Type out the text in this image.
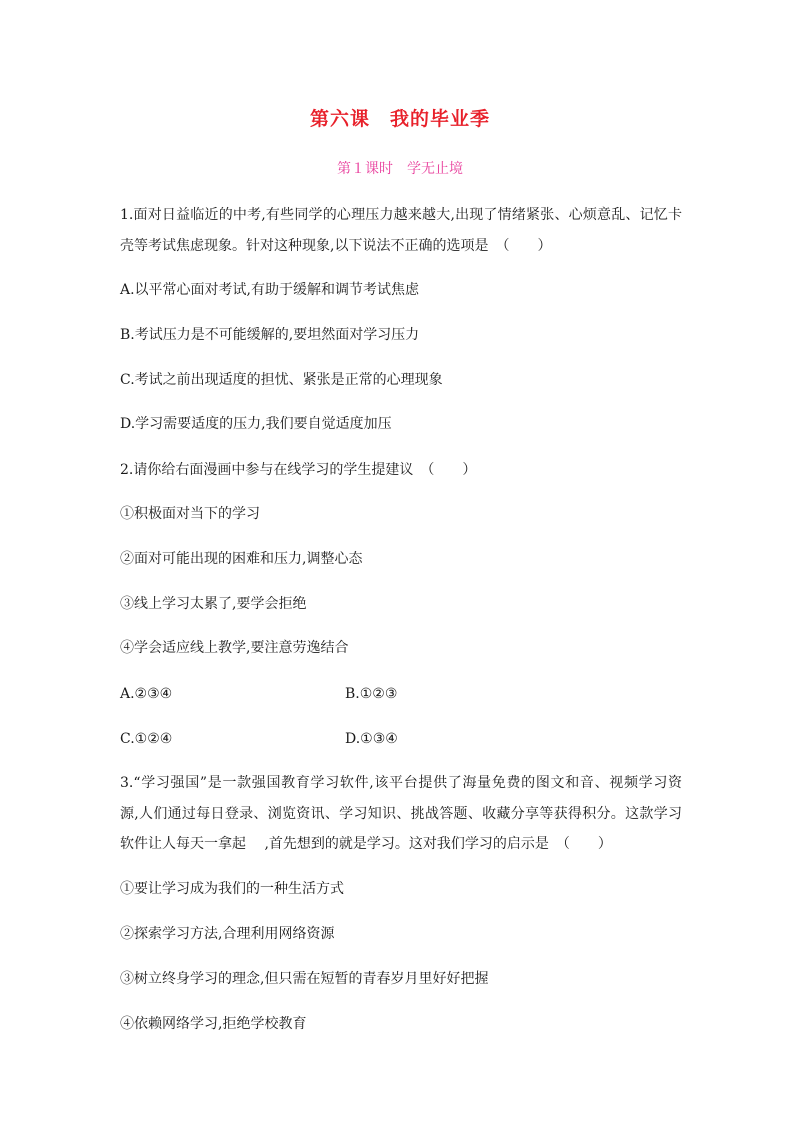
第六课　我的毕业季
第１课时　学无止境
1.面对日益临近的中考,有些同学的心理压力越来越大,出现了情绪紧张、心烦意乱、记忆卡
壳等考试焦虑现象。针对这种现象,以下说法不正确的选项是　（　　）
A.以平常心面对考试,有助于缓解和调节考试焦虑
B.考试压力是不可能缓解的,要坦然面对学习压力
C.考试之前出现适度的担忧、紧张是正常的心理现象
D.学习需要适度的压力,我们要自觉适度加压
2.请你给右面漫画中参与在线学习的学生提建议　（　　）
①积极面对当下的学习
②面对可能出现的困难和压力,调整心态
③线上学习太累了,要学会拒绝
④学会适应线上教学,要注意劳逸结合
A.②③④	B.①②③
C.①②④	D.①③④
3.“学习强国”是一款强国教育学习软件,该平台提供了海量免费的图文和音、视频学习资
源,人们通过每日登录、浏览资讯、学习知识、挑战答题、收藏分享等获得积分。这款学习
软件让人每天一拿起　 ,首先想到的就是学习。这对我们学习的启示是　（　　）
①要让学习成为我们的一种生活方式
②探索学习方法,合理利用网络资源
③树立终身学习的理念,但只需在短暂的青春岁月里好好把握
④依赖网络学习,拒绝学校教育
